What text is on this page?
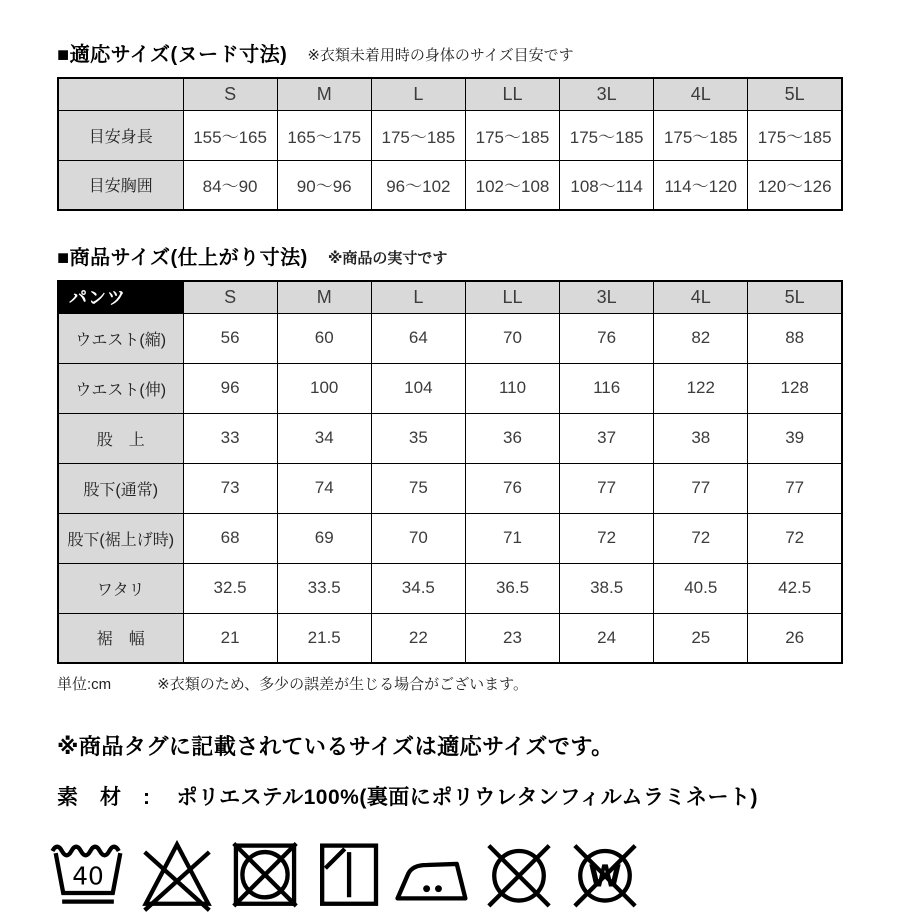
■適応サイズ(ヌード寸法) ※衣類未着用時の身体のサイズ目安です
	S	M	L	LL	3L	4L	5L
目安身長	155〜165	165〜175	175〜185	175〜185	175〜185	175〜185	175〜185
目安胸囲	84〜90	90〜96	96〜102	102〜108	108〜114	114〜120	120〜126
■商品サイズ(仕上がり寸法) ※商品の実寸です
パンツ	S	M	L	LL	3L	4L	5L
ウエスト(縮)	56	60	64	70	76	82	88
ウエスト(伸)	96	100	104	110	116	122	128
股　上	33	34	35	36	37	38	39
股下(通常)	73	74	75	76	77	77	77
股下(裾上げ時)	68	69	70	71	72	72	72
ワタリ	32.5	33.5	34.5	36.5	38.5	40.5	42.5
裾　幅	21	21.5	22	23	24	25	26
単位:cm	※衣類のため、多少の誤差が生じる場合がございます。
※商品タグに記載されているサイズは適応サイズです。
素　材　: ポリエステル100%(裏面にポリウレタンフィルムラミネート)
40	W
